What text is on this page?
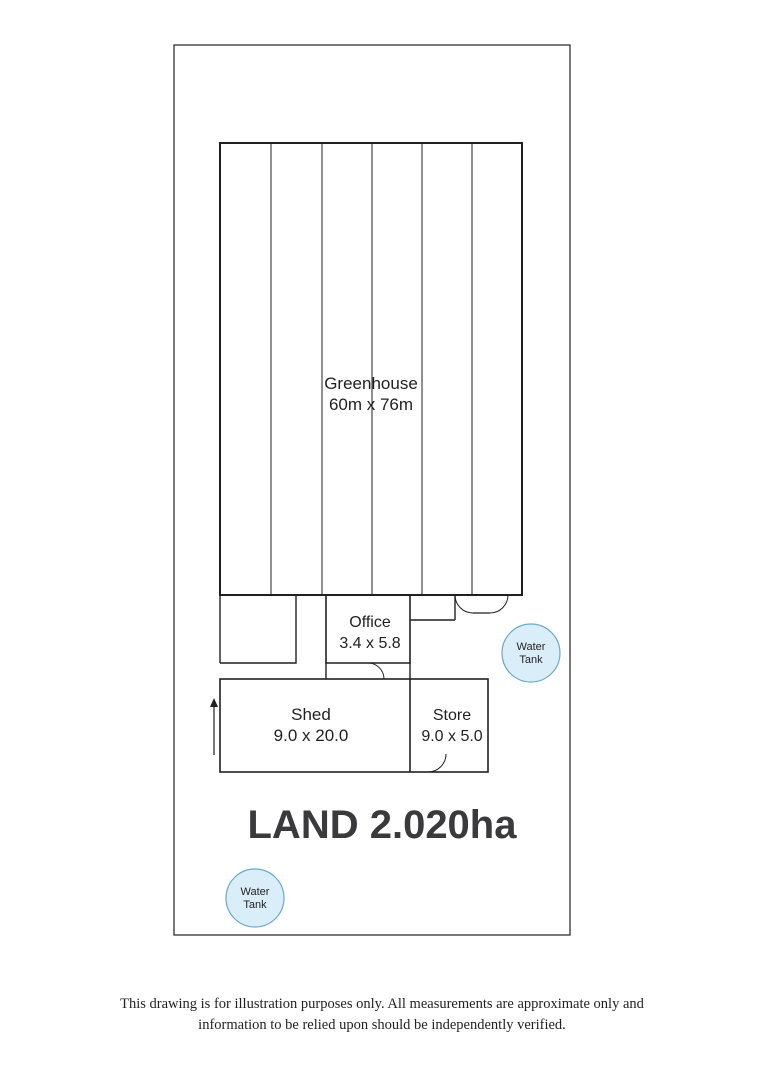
Greenhouse
60m x 76m
Office
3.4 x 5.8
Shed
9.0 x 20.0
Store
9.0 x 5.0
Water
Tank
Water
Tank
LAND 2.020ha
This drawing is for illustration purposes only. All measurements are approximate only and
information to be relied upon should be independently verified.
